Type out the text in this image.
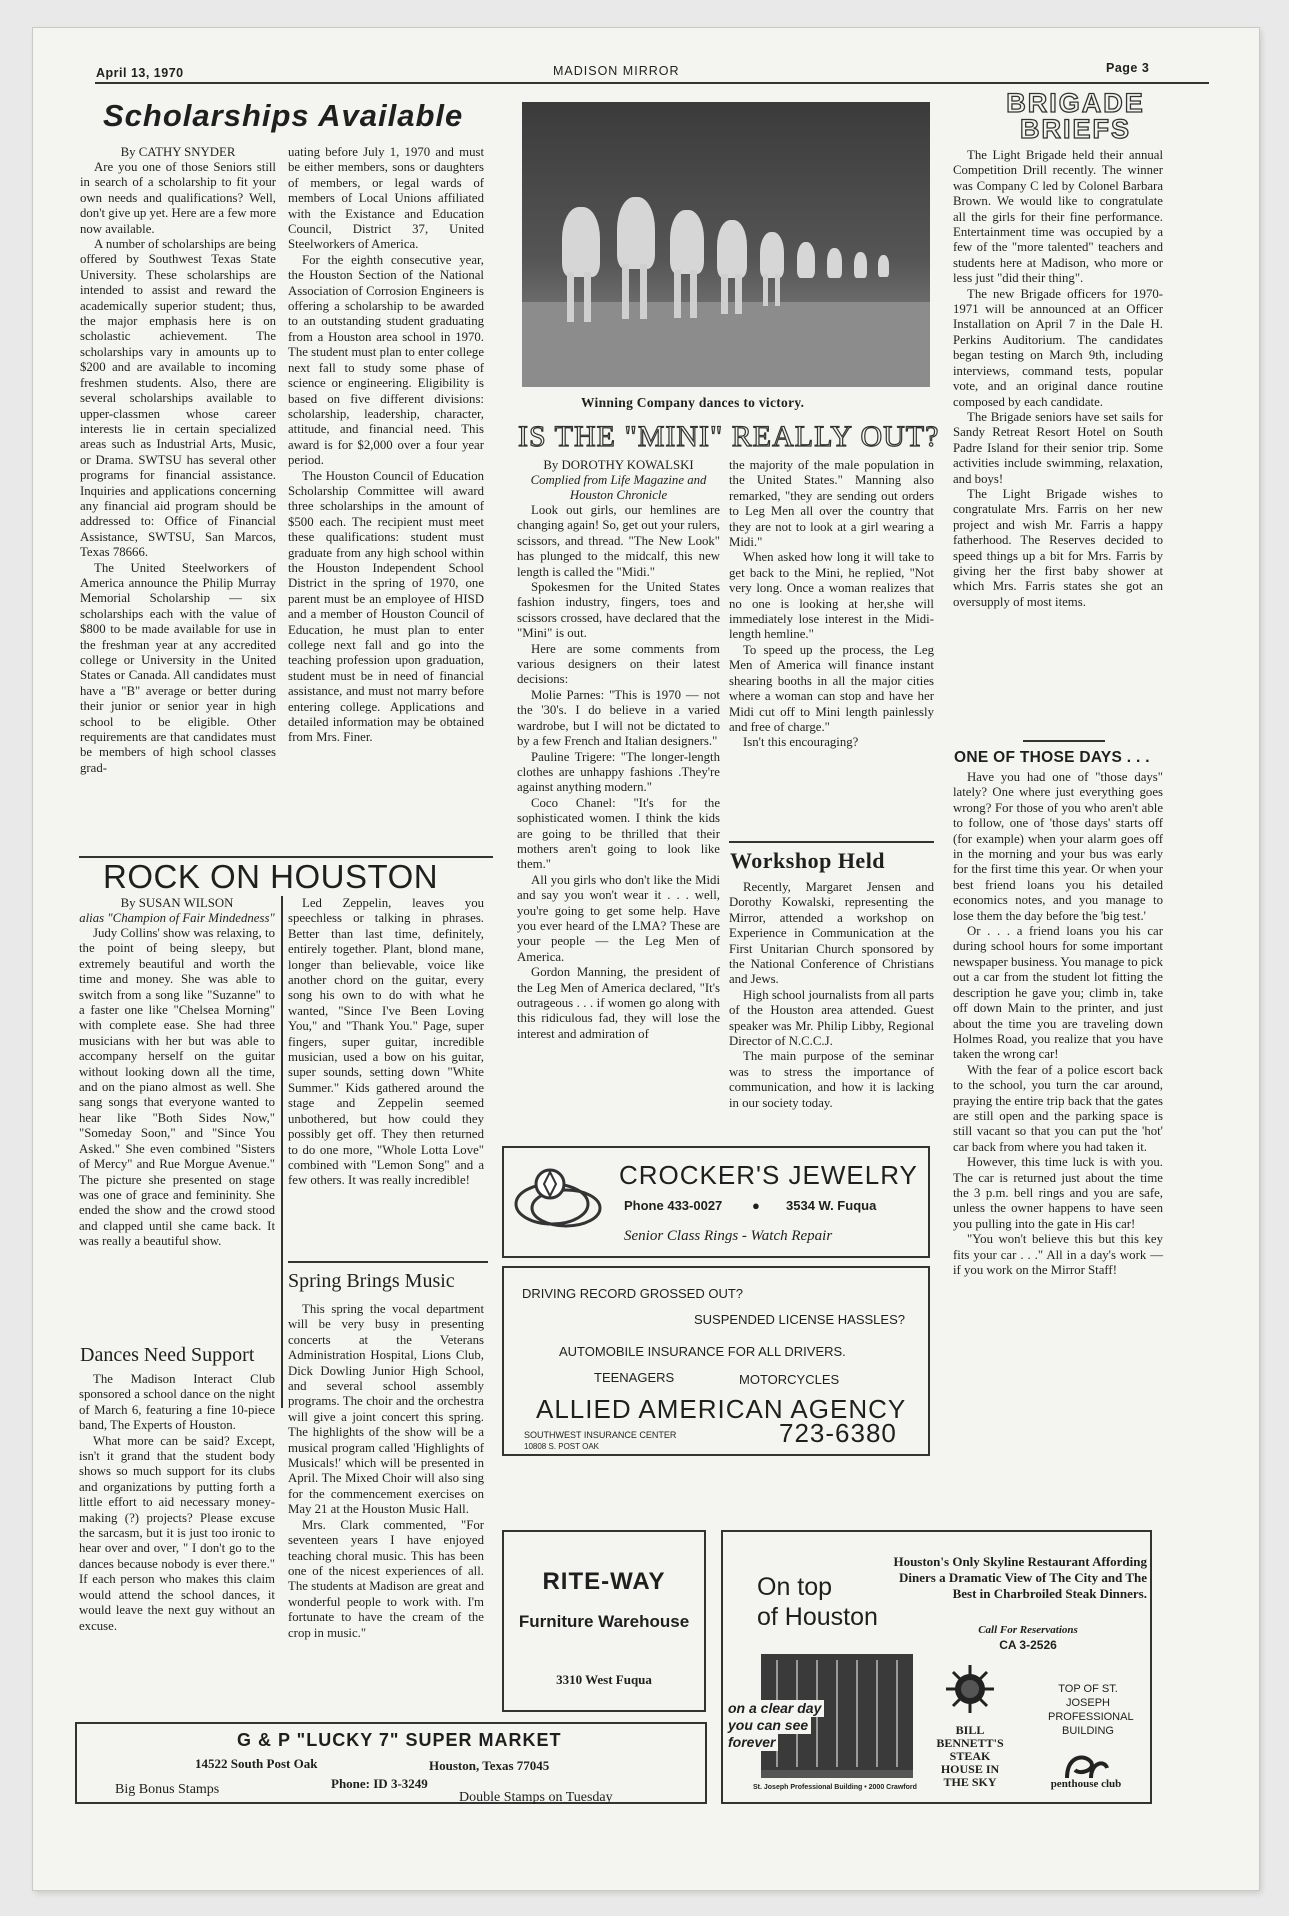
April 13, 1970	MADISON MIRROR	Page 3
Scholarships Available
By CATHY SNYDER

Are you one of those Seniors still in search of a scholarship to fit your own needs and qualifications? Well, don't give up yet. Here are a few more now available.

A number of scholarships are being offered by Southwest Texas State University. These scholarships are intended to assist and reward the academically superior student; thus, the major emphasis here is on scholastic achievement. The scholarships vary in amounts up to $200 and are available to incoming freshmen students. Also, there are several scholarships available to upper-classmen whose career interests lie in certain specialized areas such as Industrial Arts, Music, or Drama. SWTSU has several other programs for financial assistance. Inquiries and applications concerning any financial aid program should be addressed to: Office of Financial Assistance, SWTSU, San Marcos, Texas 78666.

The United Steelworkers of America announce the Philip Murray Memorial Scholarship — six scholarships each with the value of $800 to be made available for use in the freshman year at any accredited college or University in the United States or Canada. All candidates must have a "B" average or better during their junior or senior year in high school to be eligible. Other requirements are that candidates must be members of high school classes grad-

uating before July 1, 1970 and must be either members, sons or daughters of members, or legal wards of members of Local Unions affiliated with the Existance and Education Council, District 37, United Steelworkers of America.

For the eighth consecutive year, the Houston Section of the National Association of Corrosion Engineers is offering a scholarship to be awarded to an outstanding student graduating from a Houston area school in 1970. The student must plan to enter college next fall to study some phase of science or engineering. Eligibility is based on five different divisions: scholarship, leadership, character, attitude, and financial need. This award is for $2,000 over a four year period.

The Houston Council of Education Scholarship Committee will award three scholarships in the amount of $500 each. The recipient must meet these qualifications: student must graduate from any high school within the Houston Independent School District in the spring of 1970, one parent must be an employee of HISD and a member of Houston Council of Education, he must plan to enter college next fall and go into the teaching profession upon graduation, student must be in need of financial assistance, and must not marry before entering college. Applications and detailed information may be obtained from Mrs. Finer.

Winning Company dances to victory.
IS THE "MINI" REALLY OUT?
By DOROTHY KOWALSKI
Complied from Life Magazine and Houston Chronicle

Look out girls, our hemlines are changing again! So, get out your rulers, scissors, and thread. "The New Look" has plunged to the midcalf, this new length is called the "Midi."

Spokesmen for the United States fashion industry, fingers, toes and scissors crossed, have declared that the "Mini" is out.

Here are some comments from various designers on their latest decisions:

Molie Parnes: "This is 1970 — not the '30's. I do believe in a varied wardrobe, but I will not be dictated to by a few French and Italian designers."

Pauline Trigere: "The longer-length clothes are unhappy fashions .They're against anything modern."

Coco Chanel: "It's for the sophisticated women. I think the kids are going to be thrilled that their mothers aren't going to look like them."

All you girls who don't like the Midi and say you won't wear it . . . well, you're going to get some help. Have you ever heard of the LMA? These are your people — the Leg Men of America.

Gordon Manning, the president of the Leg Men of America declared, "It's outrageous . . . if women go along with this ridiculous fad, they will lose the interest and admiration of

the majority of the male population in the United States." Manning also remarked, "they are sending out orders to Leg Men all over the country that they are not to look at a girl wearing a Midi."

When asked how long it will take to get back to the Mini, he replied, "Not very long. Once a woman realizes that no one is looking at her,she will immediately lose interest in the Midi-length hemline."

To speed up the process, the Leg Men of America will finance instant shearing booths in all the major cities where a woman can stop and have her Midi cut off to Mini length painlessly and free of charge."

Isn't this encouraging?

Workshop Held

Recently, Margaret Jensen and Dorothy Kowalski, representing the Mirror, attended a workshop on Experience in Communication at the First Unitarian Church sponsored by the National Conference of Christians and Jews.

High school journalists from all parts of the Houston area attended. Guest speaker was Mr. Philip Libby, Regional Director of N.C.C.J.

The main purpose of the seminar was to stress the importance of communication, and how it is lacking in our society today.

BRIGADE
BRIEFS

The Light Brigade held their annual Competition Drill recently. The winner was Company C led by Colonel Barbara Brown. We would like to congratulate all the girls for their fine performance. Entertainment time was occupied by a few of the "more talented" teachers and students here at Madison, who more or less just "did their thing".

The new Brigade officers for 1970-1971 will be announced at an Officer Installation on April 7 in the Dale H. Perkins Auditorium. The candidates began testing on March 9th, including interviews, command tests, popular vote, and an original dance routine composed by each candidate.

The Brigade seniors have set sails for Sandy Retreat Resort Hotel on South Padre Island for their senior trip. Some activities include swimming, relaxation, and boys!

The Light Brigade wishes to congratulate Mrs. Farris on her new project and wish Mr. Farris a happy fatherhood. The Reserves decided to speed things up a bit for Mrs. Farris by giving her the first baby shower at which Mrs. Farris states she got an oversupply of most items.

ONE OF THOSE DAYS . . .

Have you had one of "those days" lately? One where just everything goes wrong? For those of you who aren't able to follow, one of 'those days' starts off (for example) when your alarm goes off in the morning and your bus was early for the first time this year. Or when your best friend loans you his detailed economics notes, and you manage to lose them the day before the 'big test.'

Or . . . a friend loans you his car during school hours for some important newspaper business. You manage to pick out a car from the student lot fitting the description he gave you; climb in, take off down Main to the printer, and just about the time you are traveling down Holmes Road, you realize that you have taken the wrong car!

With the fear of a police escort back to the school, you turn the car around, praying the entire trip back that the gates are still open and the parking space is still vacant so that you can put the 'hot' car back from where you had taken it.

However, this time luck is with you. The car is returned just about the time the 3 p.m. bell rings and you are safe, unless the owner happens to have seen you pulling into the gate in His car!

"You won't believe this but this key fits your car . . ." All in a day's work — if you work on the Mirror Staff!

ROCK ON HOUSTON
By SUSAN WILSON
alias "Champion of Fair Mindedness"

Judy Collins' show was relaxing, to the point of being sleepy, but extremely beautiful and worth the time and money. She was able to switch from a song like "Suzanne" to a faster one like "Chelsea Morning" with complete ease. She had three musicians with her but was able to accompany herself on the guitar without looking down all the time, and on the piano almost as well. She sang songs that everyone wanted to hear like "Both Sides Now," "Someday Soon," and "Since You Asked." She even combined "Sisters of Mercy" and Rue Morgue Avenue." The picture she presented on stage was one of grace and femininity. She ended the show and the crowd stood and clapped until she came back. It was really a beautiful show.

Led Zeppelin, leaves you speechless or talking in phrases. Better than last time, definitely, entirely together. Plant, blond mane, longer than believable, voice like another chord on the guitar, every song his own to do with what he wanted, "Since I've Been Loving You," and "Thank You." Page, super fingers, super guitar, incredible musician, used a bow on his guitar, super sounds, setting down "White Summer." Kids gathered around the stage and Zeppelin seemed unbothered, but how could they possibly get off. They then returned to do one more, "Whole Lotta Love" combined with "Lemon Song" and a few others. It was really incredible!

Dances Need Support

The Madison Interact Club sponsored a school dance on the night of March 6, featuring a fine 10-piece band, The Experts of Houston.

What more can be said? Except, isn't it grand that the student body shows so much support for its clubs and organizations by putting forth a little effort to aid necessary money-making (?) projects? Please excuse the sarcasm, but it is just too ironic to hear over and over, " I don't go to the dances because nobody is ever there." If each person who makes this claim would attend the school dances, it would leave the next guy without an excuse.

Spring Brings Music

This spring the vocal department will be very busy in presenting concerts at the Veterans Administration Hospital, Lions Club, Dick Dowling Junior High School, and several school assembly programs. The choir and the orchestra will give a joint concert this spring. The highlights of the show will be a musical program called 'Highlights of Musicals!' which will be presented in April. The Mixed Choir will also sing for the commencement exercises on May 21 at the Houston Music Hall.

Mrs. Clark commented, "For seventeen years I have enjoyed teaching choral music. This has been one of the nicest experiences of all. The students at Madison are great and wonderful people to work with. I'm fortunate to have the cream of the crop in music."

CROCKER'S JEWELRY
Phone 433-0027 ● 3534 W. Fuqua
Senior Class Rings - Watch Repair
DRIVING RECORD GROSSED OUT?
SUSPENDED LICENSE HASSLES?
AUTOMOBILE INSURANCE FOR ALL DRIVERS.
TEENAGERS	MOTORCYCLES
ALLIED AMERICAN AGENCY
SOUTHWEST INSURANCE CENTER
10808 S. POST OAK	723-6380
RITE-WAY
Furniture Warehouse
3310 West Fuqua
On top
of Houston
Houston's Only Skyline Restaurant Affording Diners a Dramatic View of The City and The Best in Charbroiled Steak Dinners.
Call For Reservations
CA 3-2526
on a clear day
you can see
forever
St. Joseph Professional Building • 2000 Crawford
TOP OF ST. JOSEPH PROFESSIONAL BUILDING
BILL BENNETT'S STEAK HOUSE IN THE SKY	penthouse club
G & P "LUCKY 7" SUPER MARKET
14522 South Post Oak	Houston, Texas 77045
Phone: ID 3-3249
Big Bonus Stamps
Double Stamps on Tuesday
